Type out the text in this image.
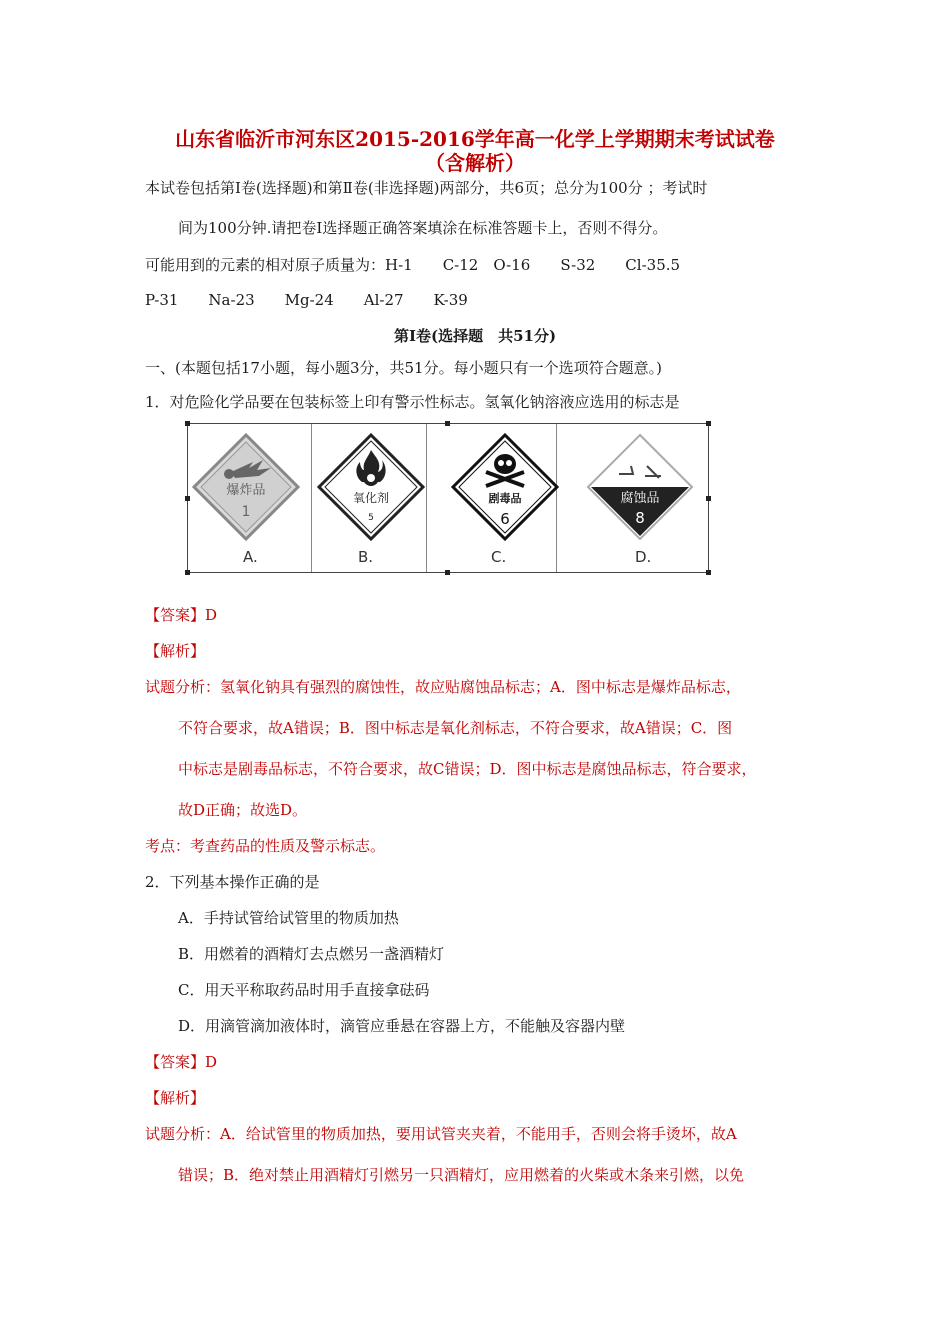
山东省临沂市河东区2015-2016学年高一化学上学期期末考试试卷
（含解析）
本试卷包括第Ⅰ卷(选择题)和第Ⅱ卷(非选择题)两部分，共6页；总分为100分 ；考试时
间为100分钟.请把卷I选择题正确答案填涂在标准答题卡上，否则不得分。
可能用到的元素的相对原子质量为：H-1　　C-12　O-16　　S-32　　Cl-35.5
P-31　　Na-23　　Mg-24　　Al-27　　K-39
第Ⅰ卷(选择题　共51分)
一、(本题包括17小题，每小题3分，共51分。每小题只有一个选项符合题意。)
1．对危险化学品要在包装标签上印有警示性标志。氢氧化钠溶液应选用的标志是
爆炸品
1
氧化剂
5
剧毒品
6
腐蚀品
8
A.	B.	C.	D.
【答案】D
【解析】
试题分析：氢氧化钠具有强烈的腐蚀性，故应贴腐蚀品标志；A．图中标志是爆炸品标志，
不符合要求，故A错误；B．图中标志是氧化剂标志，不符合要求，故A错误；C．图
中标志是剧毒品标志，不符合要求，故C错误；D．图中标志是腐蚀品标志，符合要求，
故D正确；故选D。
考点：考查药品的性质及警示标志。
2．下列基本操作正确的是
A．手持试管给试管里的物质加热
B．用燃着的酒精灯去点燃另一盏酒精灯
C．用天平称取药品时用手直接拿砝码
D．用滴管滴加液体时，滴管应垂悬在容器上方，不能触及容器内壁
【答案】D
【解析】
试题分析：A．给试管里的物质加热，要用试管夹夹着，不能用手，否则会将手烫坏，故A
错误；B．绝对禁止用酒精灯引燃另一只酒精灯，应用燃着的火柴或木条来引燃，以免
